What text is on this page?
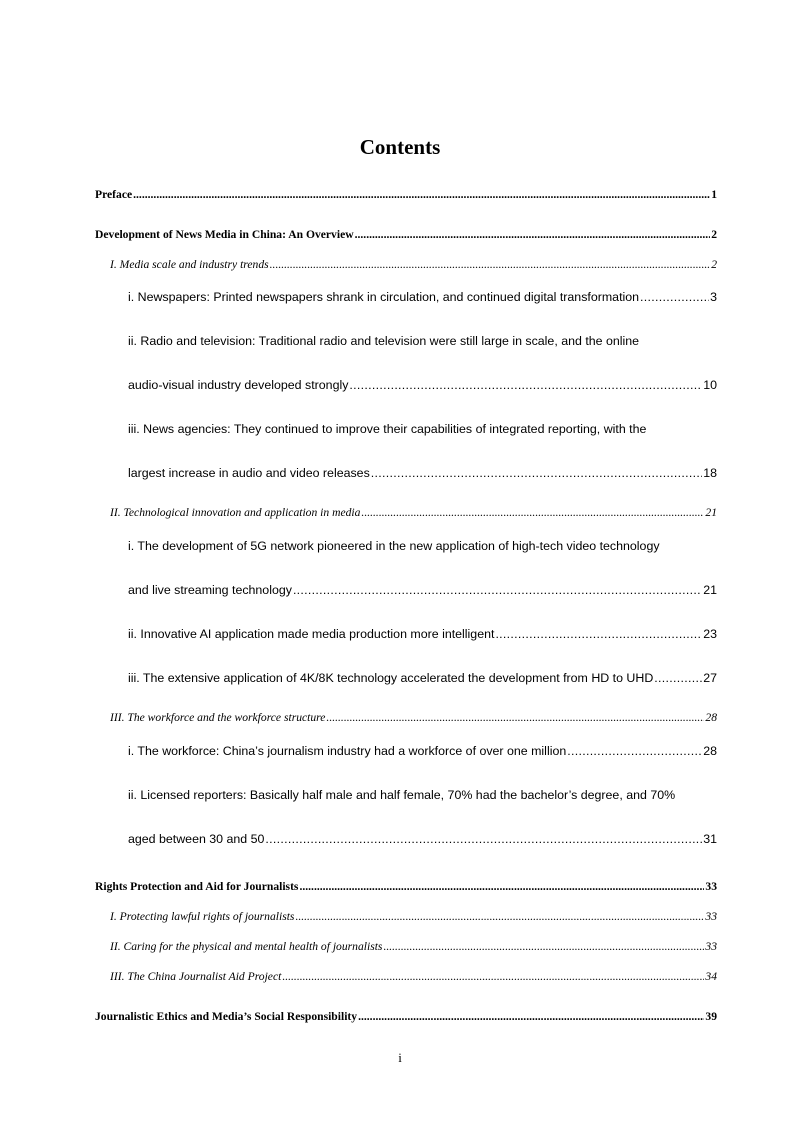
Contents
Preface .....	1
Development of News Media in China: An Overview .....	2
I. Media scale and industry trends .....	2
i. Newspapers: Printed newspapers shrank in circulation, and continued digital transformation .....	3
ii. Radio and television: Traditional radio and television were still large in scale, and the online
audio-visual industry developed strongly .....	10
iii. News agencies: They continued to improve their capabilities of integrated reporting, with the
largest increase in audio and video releases .....	18
II. Technological innovation and application in media .....	21
i. The development of 5G network pioneered in the new application of high-tech video technology
and live streaming technology .....	21
ii. Innovative AI application made media production more intelligent .....	23
iii. The extensive application of 4K/8K technology accelerated the development from HD to UHD .....	27
III. The workforce and the workforce structure .....	28
i. The workforce: China’s journalism industry had a workforce of over one million .....	28
ii. Licensed reporters: Basically half male and half female, 70% had the bachelor’s degree, and 70%
aged between 30 and 50 .....	31
Rights Protection and Aid for Journalists .....	33
I. Protecting lawful rights of journalists .....	33
II. Caring for the physical and mental health of journalists .....	33
III. The China Journalist Aid Project .....	34
Journalistic Ethics and Media’s Social Responsibility .....	39
i
